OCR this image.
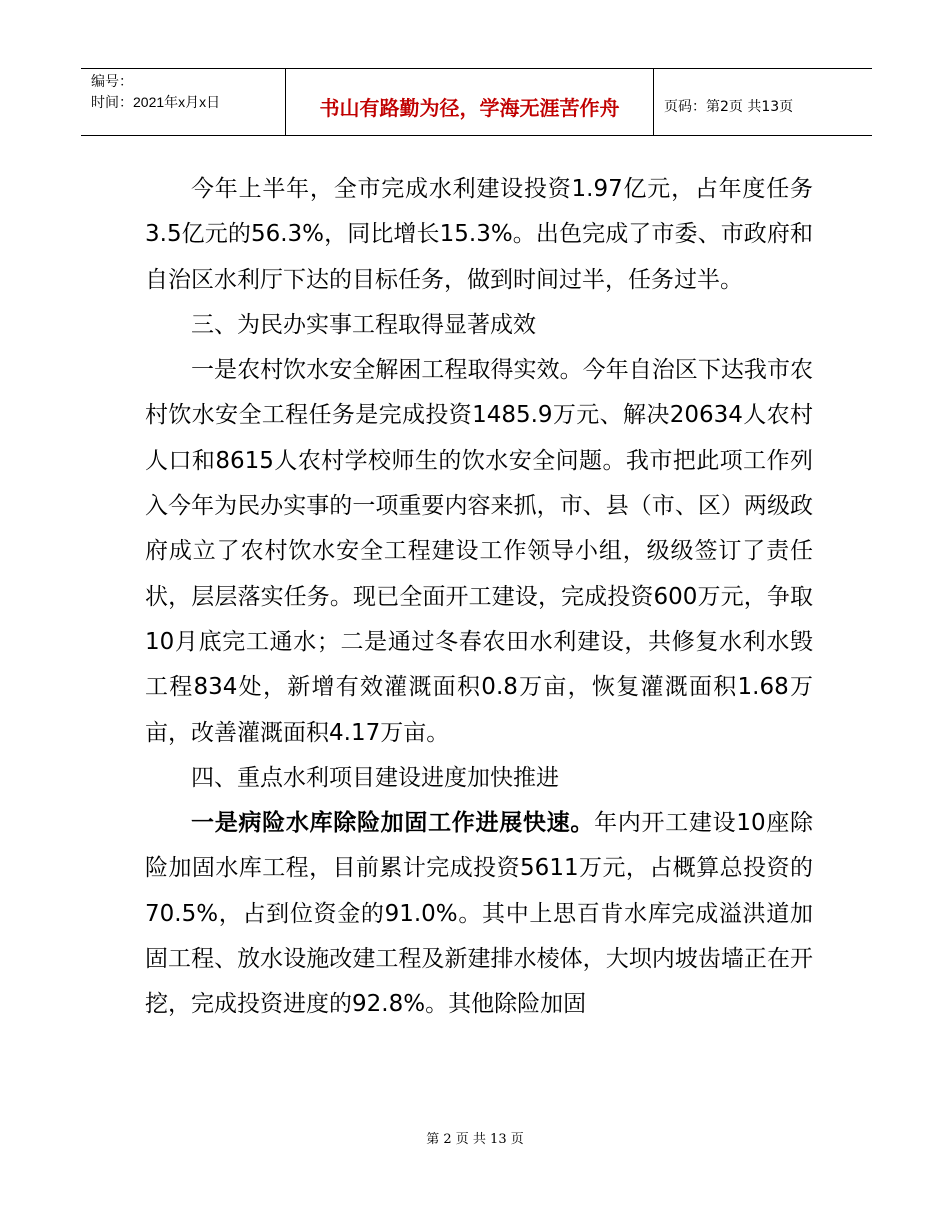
编号：
时间：2021年x月x日	书山有路勤为径，学海无涯苦作舟	页码：第2页 共13页

今年上半年，全市完成水利建设投资1.97亿元，占年度任务3.5亿元的56.3%，同比增长15.3%。出色完成了市委、市政府和自治区水利厅下达的目标任务，做到时间过半，任务过半。

三、为民办实事工程取得显著成效

一是农村饮水安全解困工程取得实效。今年自治区下达我市农村饮水安全工程任务是完成投资1485.9万元、解决20634人农村人口和8615人农村学校师生的饮水安全问题。我市把此项工作列入今年为民办实事的一项重要内容来抓，市、县（市、区）两级政府成立了农村饮水安全工程建设工作领导小组，级级签订了责任状，层层落实任务。现已全面开工建设，完成投资600万元，争取10月底完工通水；二是通过冬春农田水利建设，共修复水利水毁工程834处，新增有效灌溉面积0.8万亩，恢复灌溉面积1.68万亩，改善灌溉面积4.17万亩。

四、重点水利项目建设进度加快推进

一是病险水库除险加固工作进展快速。年内开工建设10座除险加固水库工程，目前累计完成投资5611万元，占概算总投资的70.5%，占到位资金的91.0%。其中上思百肯水库完成溢洪道加固工程、放水设施改建工程及新建排水棱体，大坝内坡齿墙正在开挖，完成投资进度的92.8%。其他除险加固

第 2 页 共 13 页
